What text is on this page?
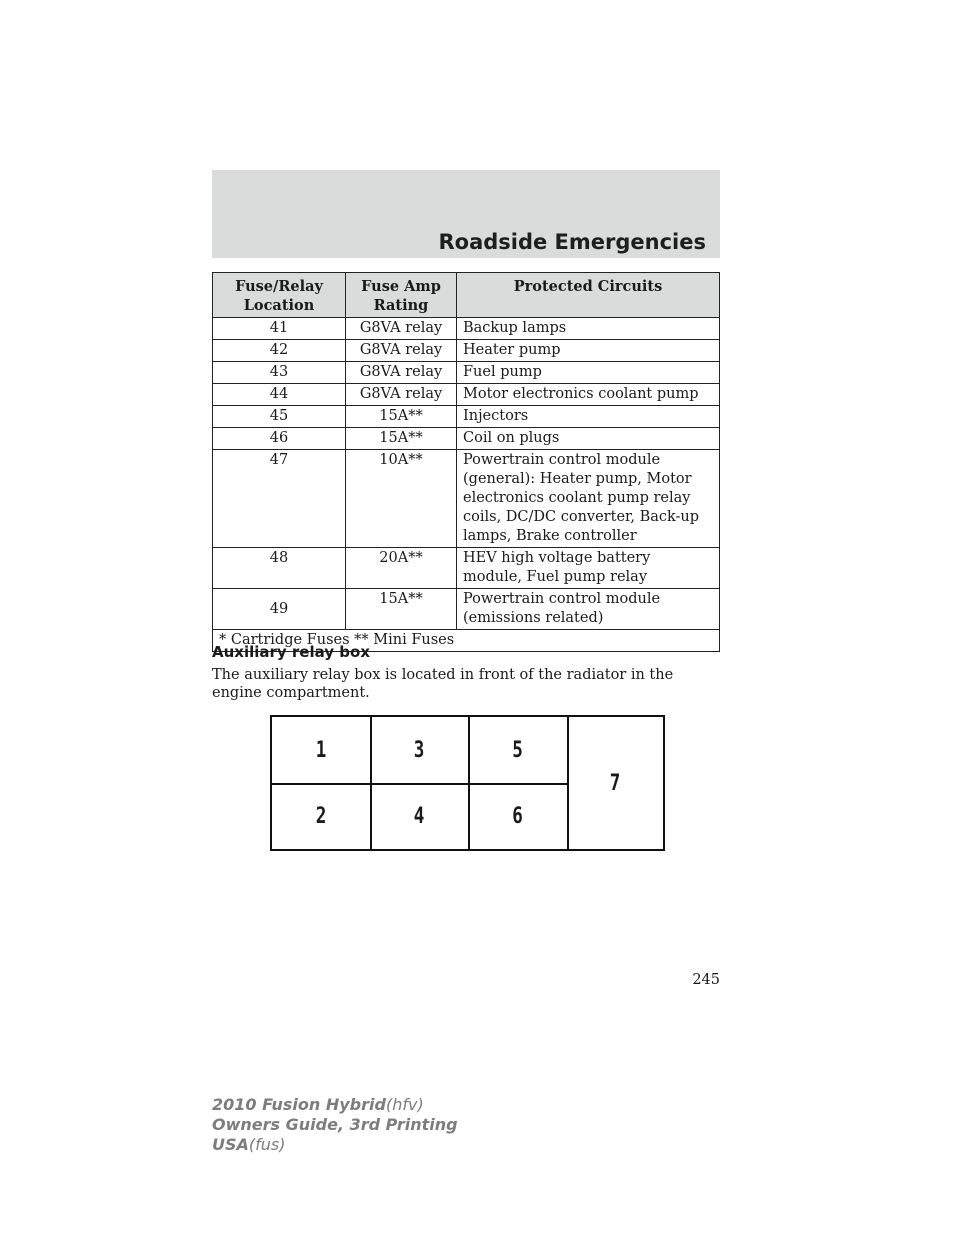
Roadside Emergencies
Fuse/Relay Location	Fuse Amp Rating	Protected Circuits
41	G8VA relay	Backup lamps
42	G8VA relay	Heater pump
43	G8VA relay	Fuel pump
44	G8VA relay	Motor electronics coolant pump
45	15A**	Injectors
46	15A**	Coil on plugs
47	10A**	Powertrain control module (general): Heater pump, Motor electronics coolant pump relay coils, DC/DC converter, Back-up lamps, Brake controller
48	20A**	HEV high voltage battery module, Fuel pump relay
49	15A**	Powertrain control module (emissions related)
* Cartridge Fuses ** Mini Fuses		
Auxiliary relay box
The auxiliary relay box is located in front of the radiator in the engine compartment.
1
2
3
4
5
6
7
245
2010 Fusion Hybrid(hfv)
Owners Guide, 3rd Printing
USA(fus)
